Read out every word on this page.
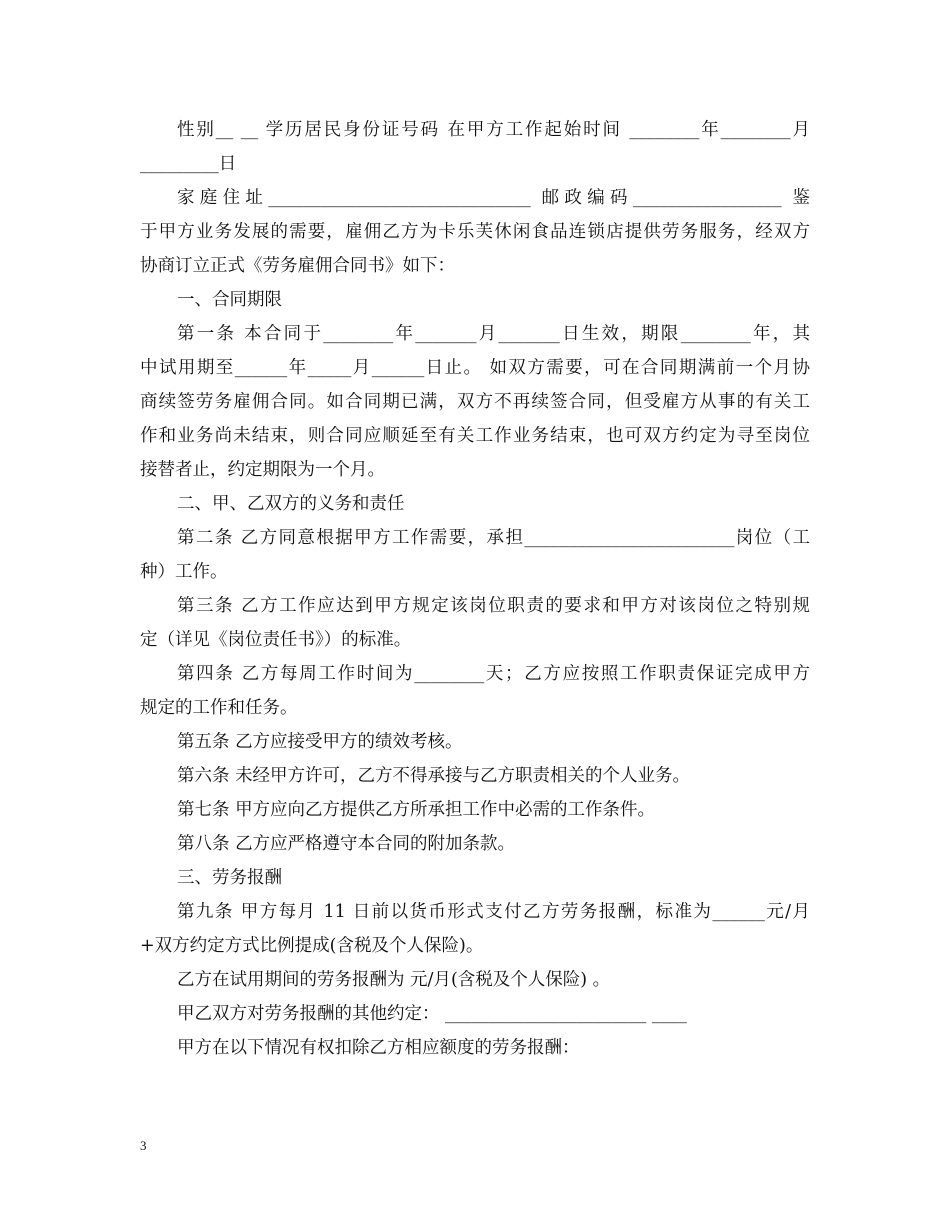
性别__ __ 学历居民身份证号码 在甲方工作起始时间 ________年________月
_________日
家庭住址______________________________ 邮政编码_________________ 鉴
于甲方业务发展的需要，雇佣乙方为卡乐芙休闲食品连锁店提供劳务服务，经双方
协商订立正式《劳务雇佣合同书》如下：
一、合同期限
第一条 本合同于________年_______月_______日生效，期限________年，其
中试用期至______年_____月______日止。 如双方需要，可在合同期满前一个月协
商续签劳务雇佣合同。如合同期已满，双方不再续签合同，但受雇方从事的有关工
作和业务尚未结束，则合同应顺延至有关工作业务结束，也可双方约定为寻至岗位
接替者止，约定期限为一个月。
二、甲、乙双方的义务和责任
第二条 乙方同意根据甲方工作需要，承担________________________岗位（工
种）工作。
第三条 乙方工作应达到甲方规定该岗位职责的要求和甲方对该岗位之特别规
定（详见《岗位责任书》）的标准。
第四条 乙方每周工作时间为________天；乙方应按照工作职责保证完成甲方
规定的工作和任务。
第五条 乙方应接受甲方的绩效考核。
第六条 未经甲方许可，乙方不得承接与乙方职责相关的个人业务。
第七条 甲方应向乙方提供乙方所承担工作中必需的工作条件。
第八条 乙方应严格遵守本合同的附加条款。
三、劳务报酬
第九条 甲方每月 11 日前以货币形式支付乙方劳务报酬，标准为______元/月
+双方约定方式比例提成(含税及个人保险)。
乙方在试用期间的劳务报酬为 元/月(含税及个人保险) 。
甲乙双方对劳务报酬的其他约定： _______________________ ____
甲方在以下情况有权扣除乙方相应额度的劳务报酬：
3
